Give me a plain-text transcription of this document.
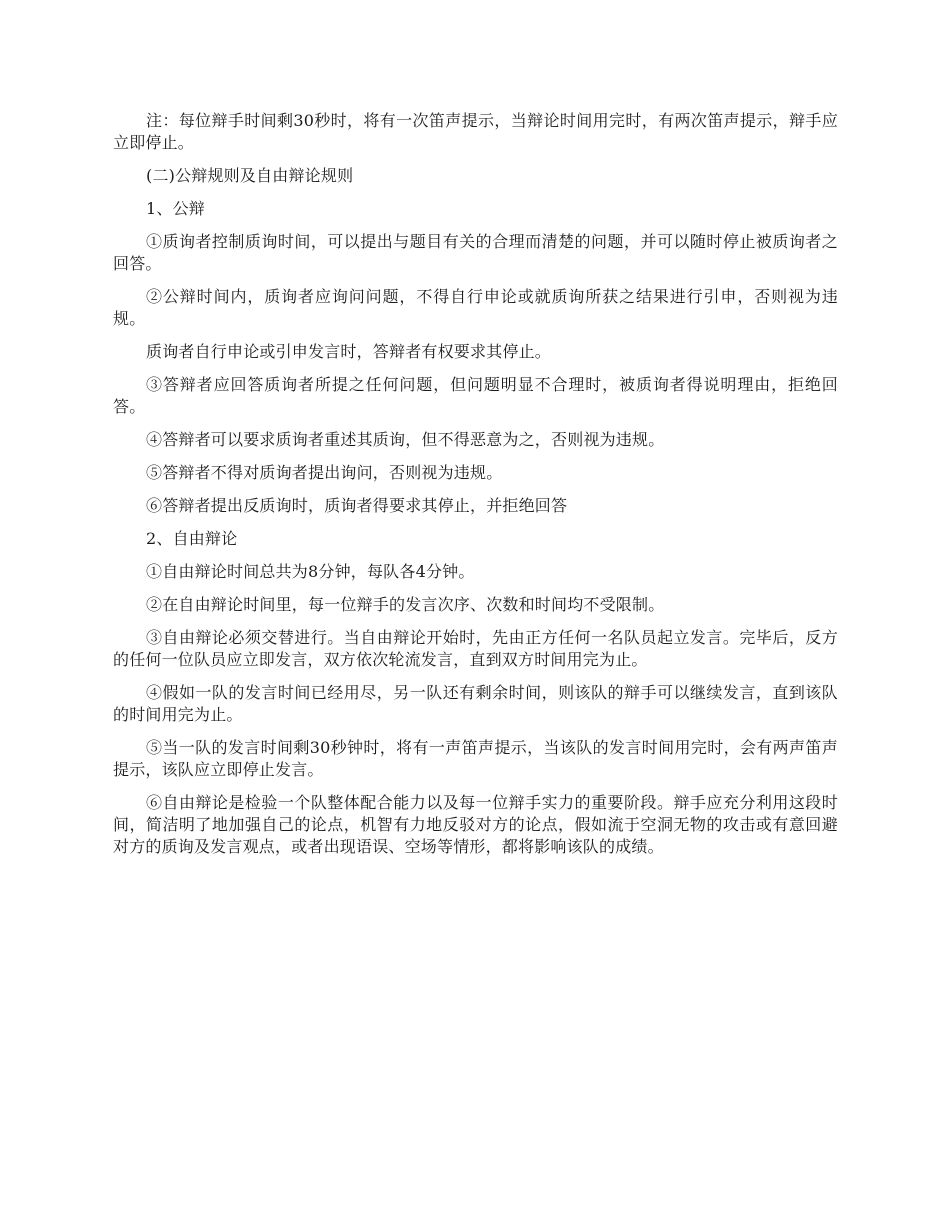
注：每位辩手时间剩30秒时，将有一次笛声提示，当辩论时间用完时，有两次笛声提示，辩手应立即停止。

(二)公辩规则及自由辩论规则

1、公辩

①质询者控制质询时间，可以提出与题目有关的合理而清楚的问题，并可以随时停止被质询者之回答。

②公辩时间内，质询者应询问问题，不得自行申论或就质询所获之结果进行引申，否则视为违规。

质询者自行申论或引申发言时，答辩者有权要求其停止。

③答辩者应回答质询者所提之任何问题，但问题明显不合理时，被质询者得说明理由，拒绝回答。

④答辩者可以要求质询者重述其质询，但不得恶意为之，否则视为违规。

⑤答辩者不得对质询者提出询问，否则视为违规。

⑥答辩者提出反质询时，质询者得要求其停止，并拒绝回答

2、自由辩论

①自由辩论时间总共为8分钟，每队各4分钟。

②在自由辩论时间里，每一位辩手的发言次序、次数和时间均不受限制。

③自由辩论必须交替进行。当自由辩论开始时，先由正方任何一名队员起立发言。完毕后，反方的任何一位队员应立即发言，双方依次轮流发言，直到双方时间用完为止。

④假如一队的发言时间已经用尽，另一队还有剩余时间，则该队的辩手可以继续发言，直到该队的时间用完为止。

⑤当一队的发言时间剩30秒钟时，将有一声笛声提示，当该队的发言时间用完时，会有两声笛声提示，该队应立即停止发言。

⑥自由辩论是检验一个队整体配合能力以及每一位辩手实力的重要阶段。辩手应充分利用这段时间，简洁明了地加强自己的论点，机智有力地反驳对方的论点，假如流于空洞无物的攻击或有意回避对方的质询及发言观点，或者出现语误、空场等情形，都将影响该队的成绩。
